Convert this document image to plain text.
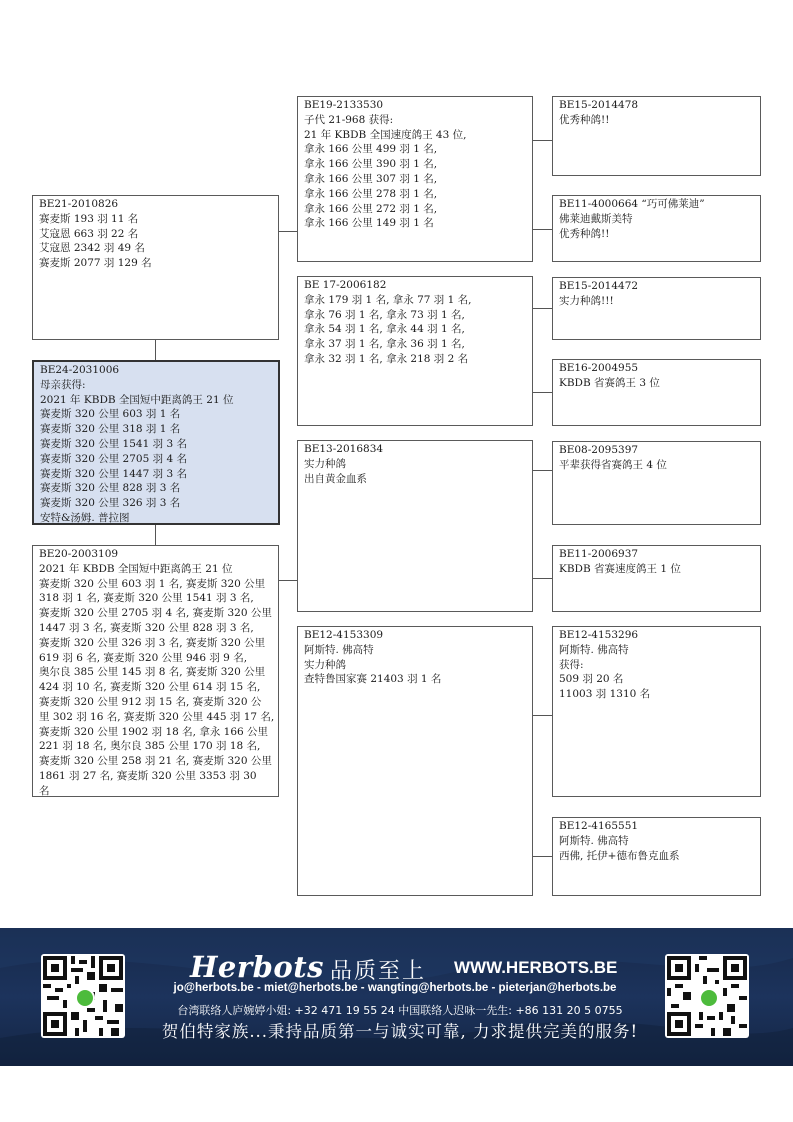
BE21-2010826
赛麦斯 193 羽 11 名
艾寇恩 663 羽 22 名
艾寇恩 2342 羽 49 名
赛麦斯 2077 羽 129 名
BE24-2031006
母亲获得:
2021 年 KBDB 全国短中距离鸽王 21 位
赛麦斯 320 公里 603 羽 1 名
赛麦斯 320 公里 318 羽 1 名
赛麦斯 320 公里 1541 羽 3 名
赛麦斯 320 公里 2705 羽 4 名
赛麦斯 320 公里 1447 羽 3 名
赛麦斯 320 公里 828 羽 3 名
赛麦斯 320 公里 326 羽 3 名
安特&汤姆. 普拉图
BE20-2003109
2021 年 KBDB 全国短中距离鸽王 21 位
赛麦斯 320 公里 603 羽 1 名, 赛麦斯 320 公里
318 羽 1 名, 赛麦斯 320 公里 1541 羽 3 名,
赛麦斯 320 公里 2705 羽 4 名, 赛麦斯 320 公里
1447 羽 3 名, 赛麦斯 320 公里 828 羽 3 名,
赛麦斯 320 公里 326 羽 3 名, 赛麦斯 320 公里
619 羽 6 名, 赛麦斯 320 公里 946 羽 9 名,
奥尔良 385 公里 145 羽 8 名, 赛麦斯 320 公里
424 羽 10 名, 赛麦斯 320 公里 614 羽 15 名,
赛麦斯 320 公里 912 羽 15 名, 赛麦斯 320 公
里 302 羽 16 名, 赛麦斯 320 公里 445 羽 17 名,
赛麦斯 320 公里 1902 羽 18 名, 拿永 166 公里
221 羽 18 名, 奥尔良 385 公里 170 羽 18 名,
赛麦斯 320 公里 258 羽 21 名, 赛麦斯 320 公里
1861 羽 27 名, 赛麦斯 320 公里 3353 羽 30
名
BE19-2133530
子代 21-968 获得:
21 年 KBDB 全国速度鸽王 43 位,
拿永 166 公里 499 羽 1 名,
拿永 166 公里 390 羽 1 名,
拿永 166 公里 307 羽 1 名,
拿永 166 公里 278 羽 1 名,
拿永 166 公里 272 羽 1 名,
拿永 166 公里 149 羽 1 名
BE 17-2006182
拿永 179 羽 1 名, 拿永 77 羽 1 名,
拿永 76 羽 1 名, 拿永 73 羽 1 名,
拿永 54 羽 1 名, 拿永 44 羽 1 名,
拿永 37 羽 1 名, 拿永 36 羽 1 名,
拿永 32 羽 1 名, 拿永 218 羽 2 名
BE13-2016834
实力种鸽
出自黄金血系
BE12-4153309
阿斯特. 佛高特
实力种鸽
查特鲁国家赛 21403 羽 1 名
BE15-2014478
优秀种鸽!!
BE11-4000664 “巧可佛莱迪”
佛莱迪戴斯美特
优秀种鸽!!
BE15-2014472
实力种鸽!!!
BE16-2004955
KBDB 省赛鸽王 3 位
BE08-2095397
平辈获得省赛鸽王 4 位
BE11-2006937
KBDB 省赛速度鸽王 1 位
BE12-4153296
阿斯特. 佛高特
获得:
509 羽 20 名
11003 羽 1310 名
BE12-4165551
阿斯特. 佛高特
西佛, 托伊+德布鲁克血系
Herbots 品质至上 WWW.HERBOTS.BE
jo@herbots.be - miet@herbots.be - wangting@herbots.be - pieterjan@herbots.be
台湾联络人庐婉婷小姐: +32 471 19 55 24 中国联络人迟咏一先生: +86 131 20 5 0755
贺伯特家族...秉持品质第一与诚实可靠, 力求提供完美的服务!
